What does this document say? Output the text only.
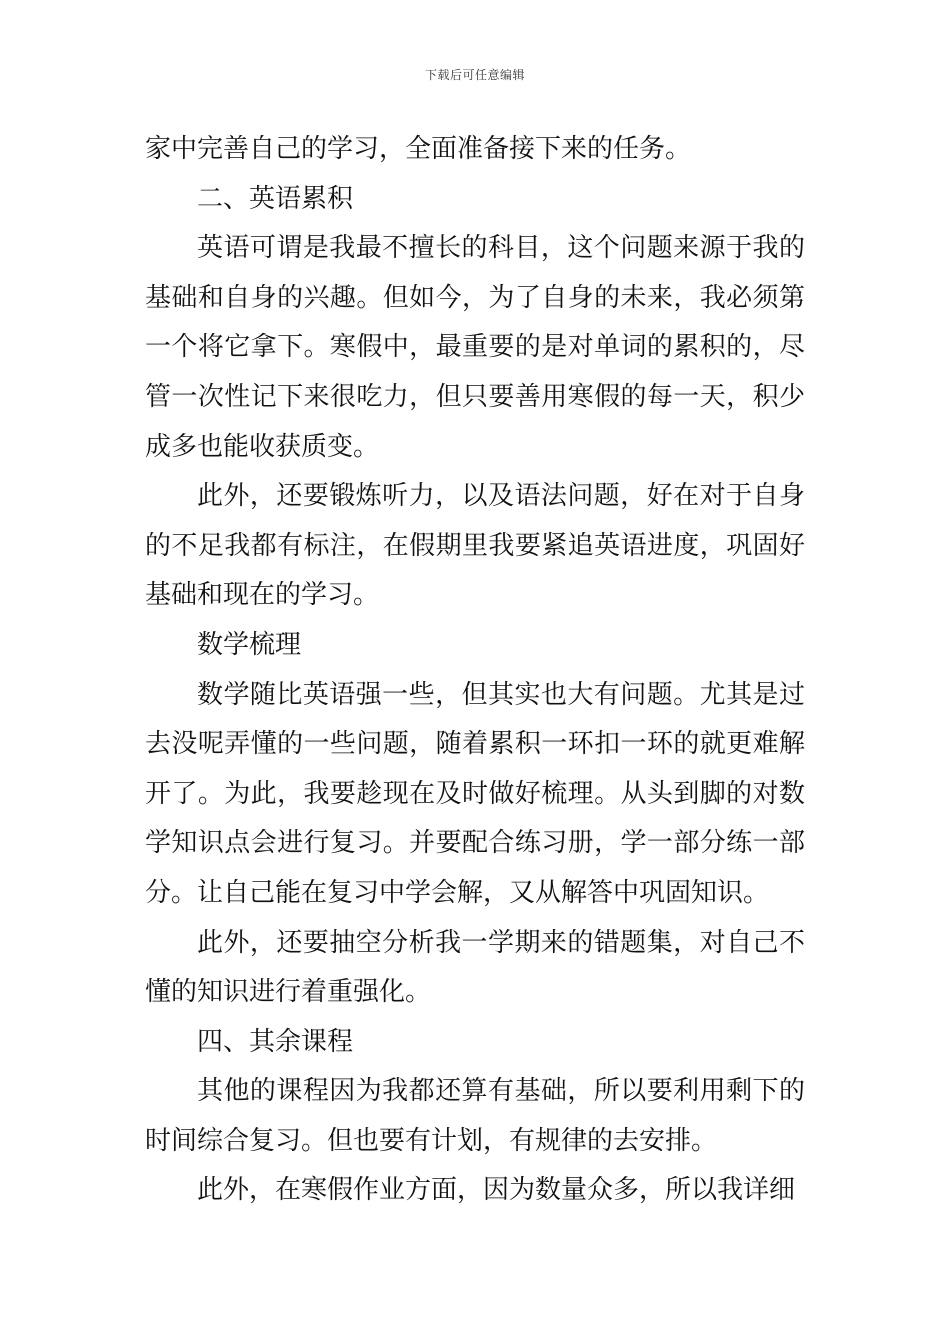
下载后可任意编辑

家中完善自己的学习，全面准备接下来的任务。

二、英语累积

英语可谓是我最不擅长的科目，这个问题来源于我的基础和自身的兴趣。但如今，为了自身的未来，我必须第一个将它拿下。寒假中，最重要的是对单词的累积的，尽管一次性记下来很吃力，但只要善用寒假的每一天，积少成多也能收获质变。

此外，还要锻炼听力，以及语法问题，好在对于自身的不足我都有标注，在假期里我要紧追英语进度，巩固好基础和现在的学习。

数学梳理

数学随比英语强一些，但其实也大有问题。尤其是过去没呢弄懂的一些问题，随着累积一环扣一环的就更难解开了。为此，我要趁现在及时做好梳理。从头到脚的对数学知识点会进行复习。并要配合练习册，学一部分练一部分。让自己能在复习中学会解，又从解答中巩固知识。

此外，还要抽空分析我一学期来的错题集，对自己不懂的知识进行着重强化。

四、其余课程

其他的课程因为我都还算有基础，所以要利用剩下的时间综合复习。但也要有计划，有规律的去安排。

此外，在寒假作业方面，因为数量众多，所以我详细
